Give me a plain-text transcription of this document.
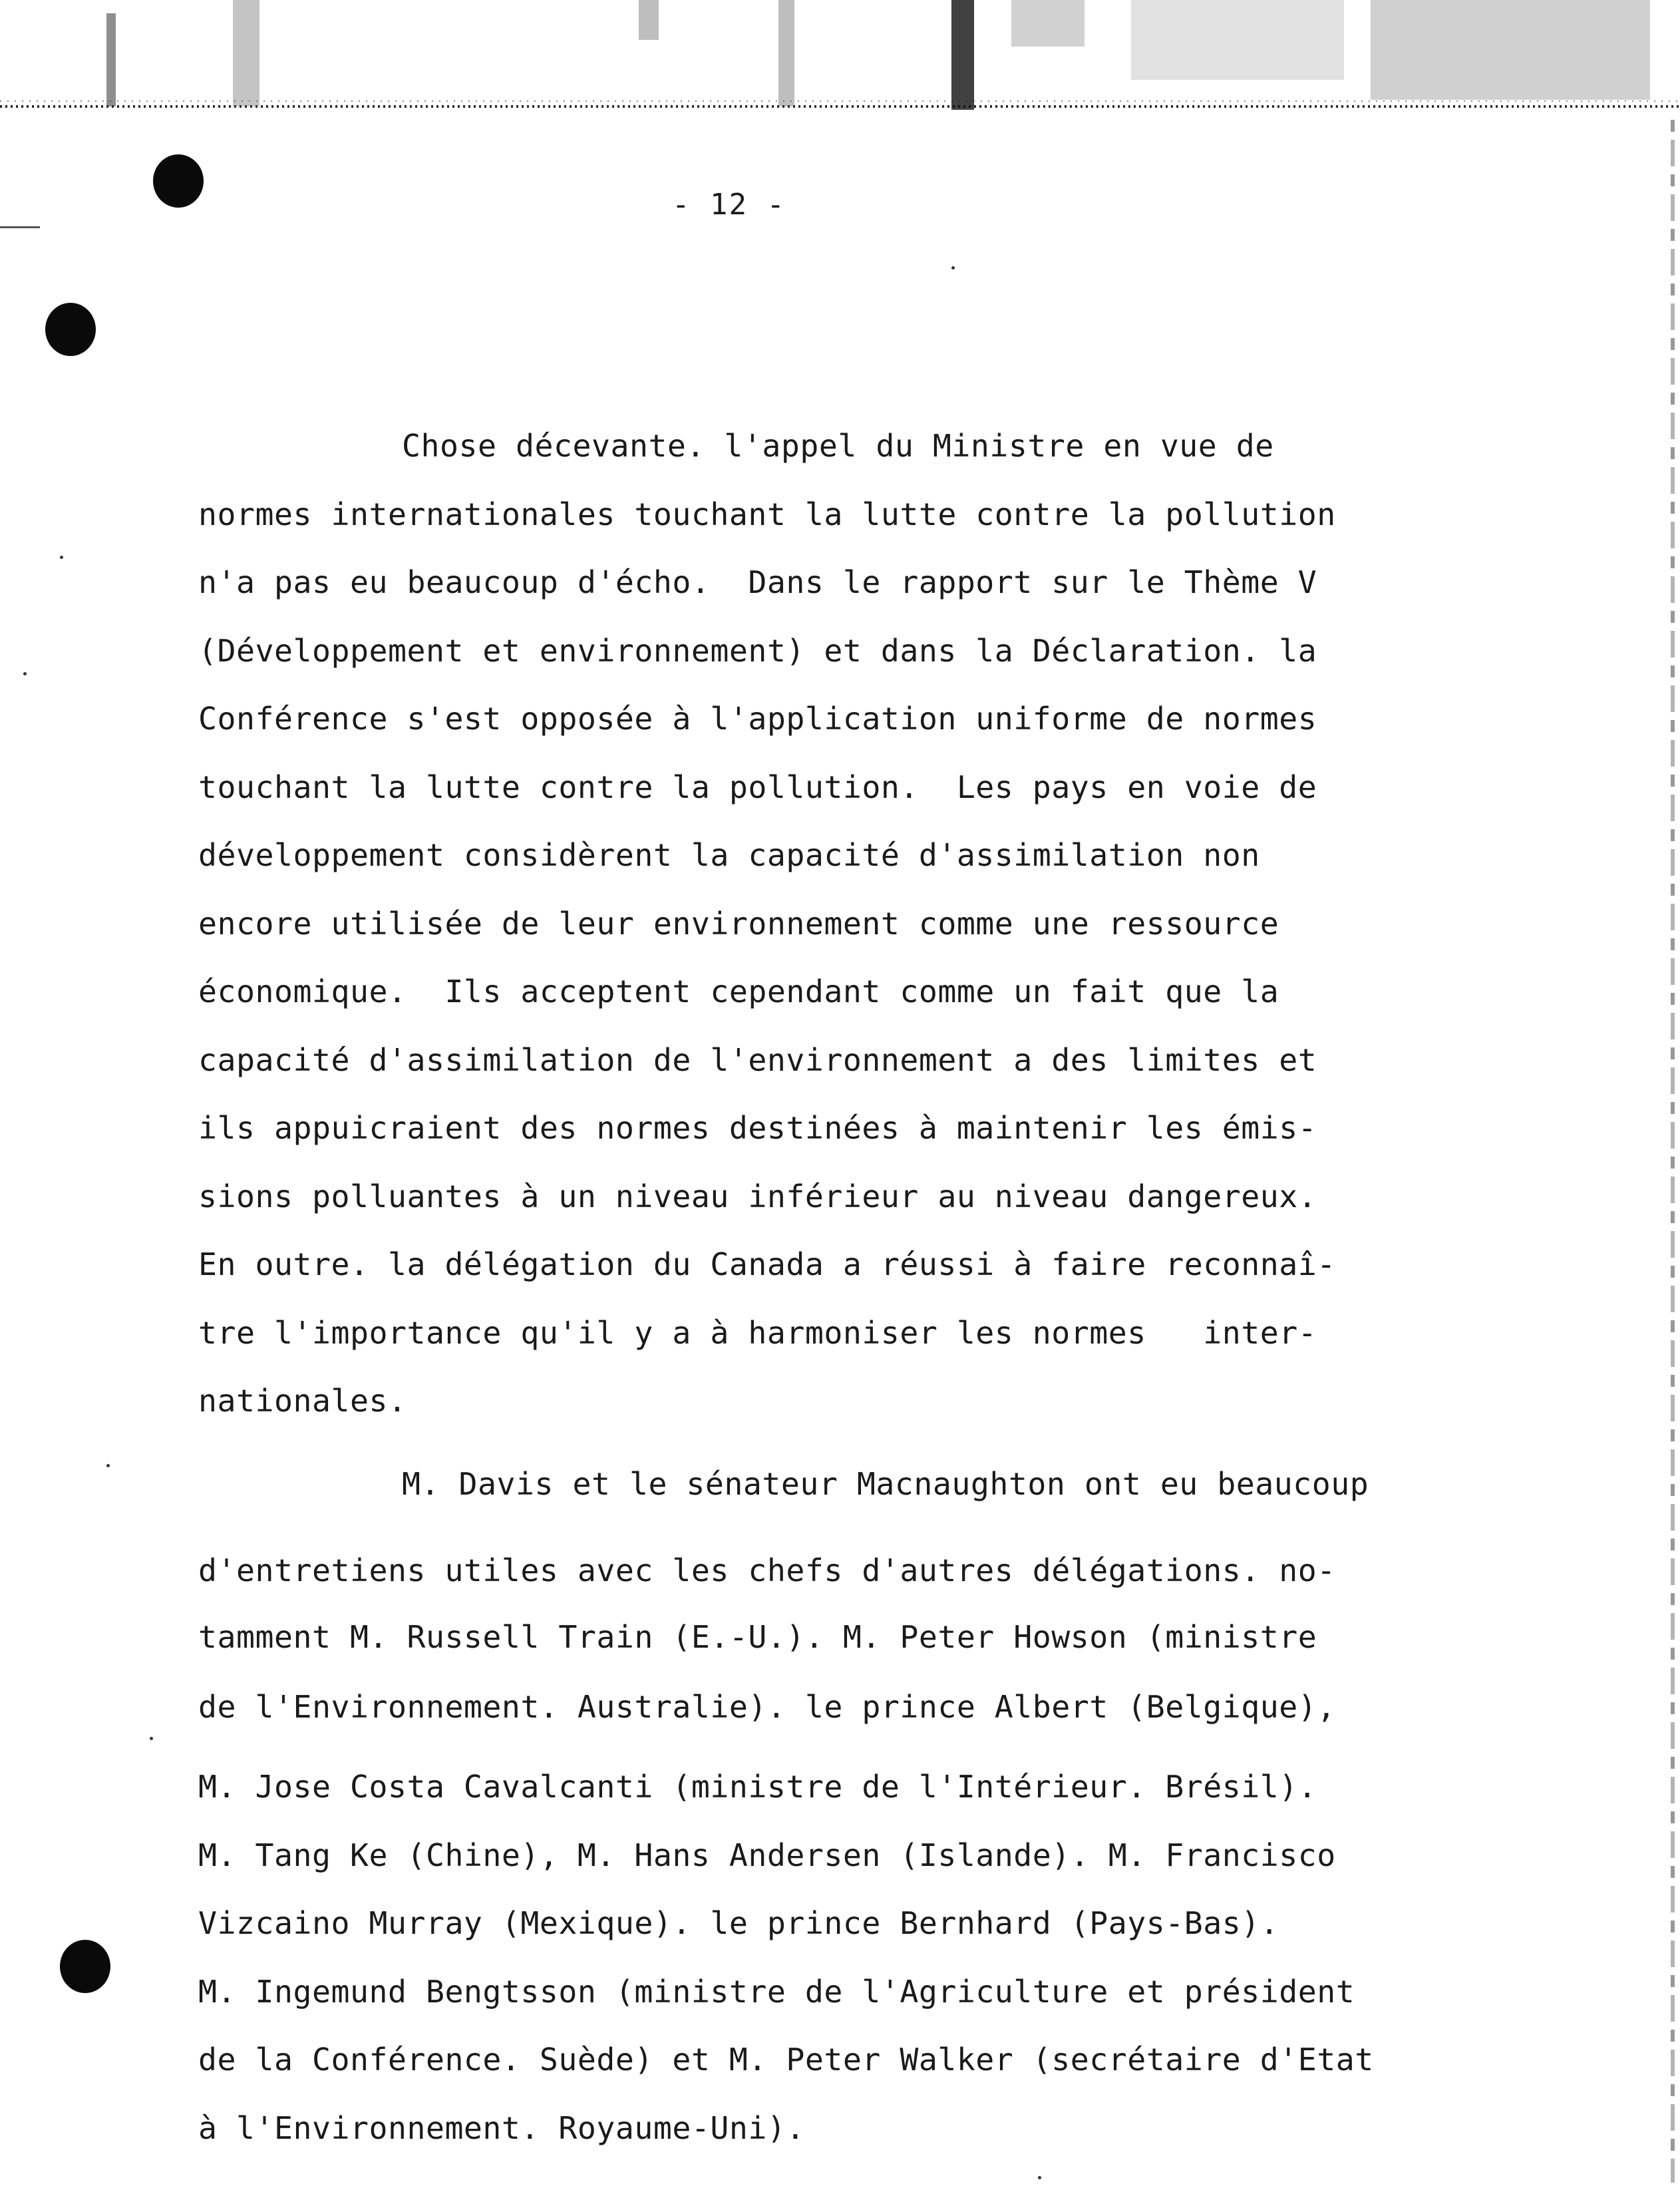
- 12 -
Chose décevante. l'appel du Ministre en vue de
normes internationales touchant la lutte contre la pollution
n'a pas eu beaucoup d'écho.  Dans le rapport sur le Thème V
(Développement et environnement) et dans la Déclaration. la
Conférence s'est opposée à l'application uniforme de normes
touchant la lutte contre la pollution.  Les pays en voie de
développement considèrent la capacité d'assimilation non
encore utilisée de leur environnement comme une ressource
économique.  Ils acceptent cependant comme un fait que la
capacité d'assimilation de l'environnement a des limites et
ils appuicraient des normes destinées à maintenir les émis-
sions polluantes à un niveau inférieur au niveau dangereux.
En outre. la délégation du Canada a réussi à faire reconnaî-
tre l'importance qu'il y a à harmoniser les normes   inter-
nationales.
M. Davis et le sénateur Macnaughton ont eu beaucoup
d'entretiens utiles avec les chefs d'autres délégations. no-
tamment M. Russell Train (E.-U.). M. Peter Howson (ministre
de l'Environnement. Australie). le prince Albert (Belgique),
M. Jose Costa Cavalcanti (ministre de l'Intérieur. Brésil).
M. Tang Ke (Chine), M. Hans Andersen (Islande). M. Francisco
Vizcaino Murray (Mexique). le prince Bernhard (Pays-Bas).
M. Ingemund Bengtsson (ministre de l'Agriculture et président
de la Conférence. Suède) et M. Peter Walker (secrétaire d'Etat
à l'Environnement. Royaume-Uni).
